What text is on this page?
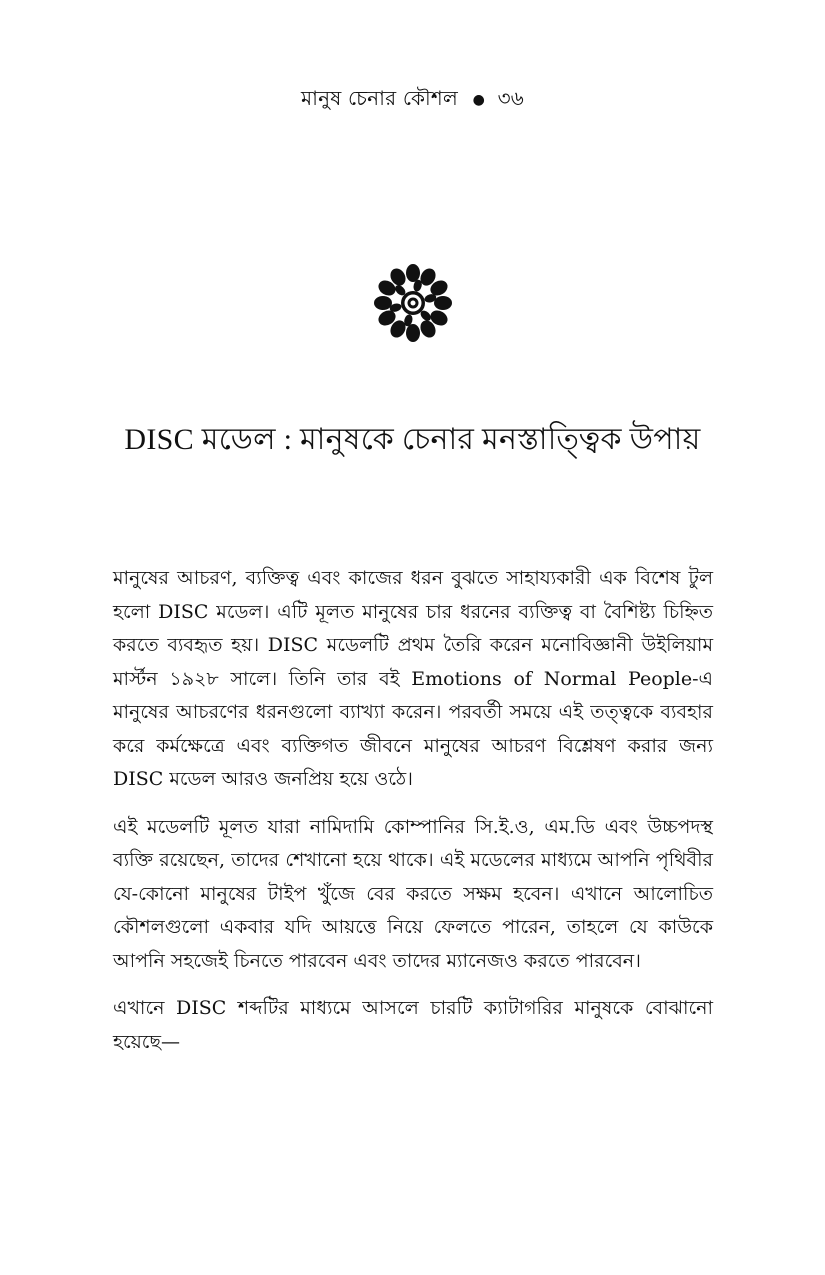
মানুষ চেনার কৌশল ● ৩৬
DISC মডেল : মানুষকে চেনার মনস্তাত্ত্বিক উপায়

মানুষের আচরণ, ব্যক্তিত্ব এবং কাজের ধরন বুঝতে সাহায্যকারী এক বিশেষ টুল হলো DISC মডেল। এটি মূলত মানুষের চার ধরনের ব্যক্তিত্ব বা বৈশিষ্ট্য চিহ্নিত করতে ব্যবহৃত হয়। DISC মডেলটি প্রথম তৈরি করেন মনোবিজ্ঞানী উইলিয়াম মার্স্টন ১৯২৮ সালে। তিনি তার বই Emotions of Normal People-এ মানুষের আচরণের ধরনগুলো ব্যাখ্যা করেন। পরবর্তী সময়ে এই তত্ত্বকে ব্যবহার করে কর্মক্ষেত্রে এবং ব্যক্তিগত জীবনে মানুষের আচরণ বিশ্লেষণ করার জন্য DISC মডেল আরও জনপ্রিয় হয়ে ওঠে।

এই মডেলটি মূলত যারা নামিদামি কোম্পানির সি.ই.ও, এম.ডি এবং উচ্চপদস্থ ব্যক্তি রয়েছেন, তাদের শেখানো হয়ে থাকে। এই মডেলের মাধ্যমে আপনি পৃথিবীর যে-কোনো মানুষের টাইপ খুঁজে বের করতে সক্ষম হবেন। এখানে আলোচিত কৌশলগুলো একবার যদি আয়ত্তে নিয়ে ফেলতে পারেন, তাহলে যে কাউকে আপনি সহজেই চিনতে পারবেন এবং তাদের ম্যানেজও করতে পারবেন।

এখানে DISC শব্দটির মাধ্যমে আসলে চারটি ক্যাটাগরির মানুষকে বোঝানো হয়েছে—
